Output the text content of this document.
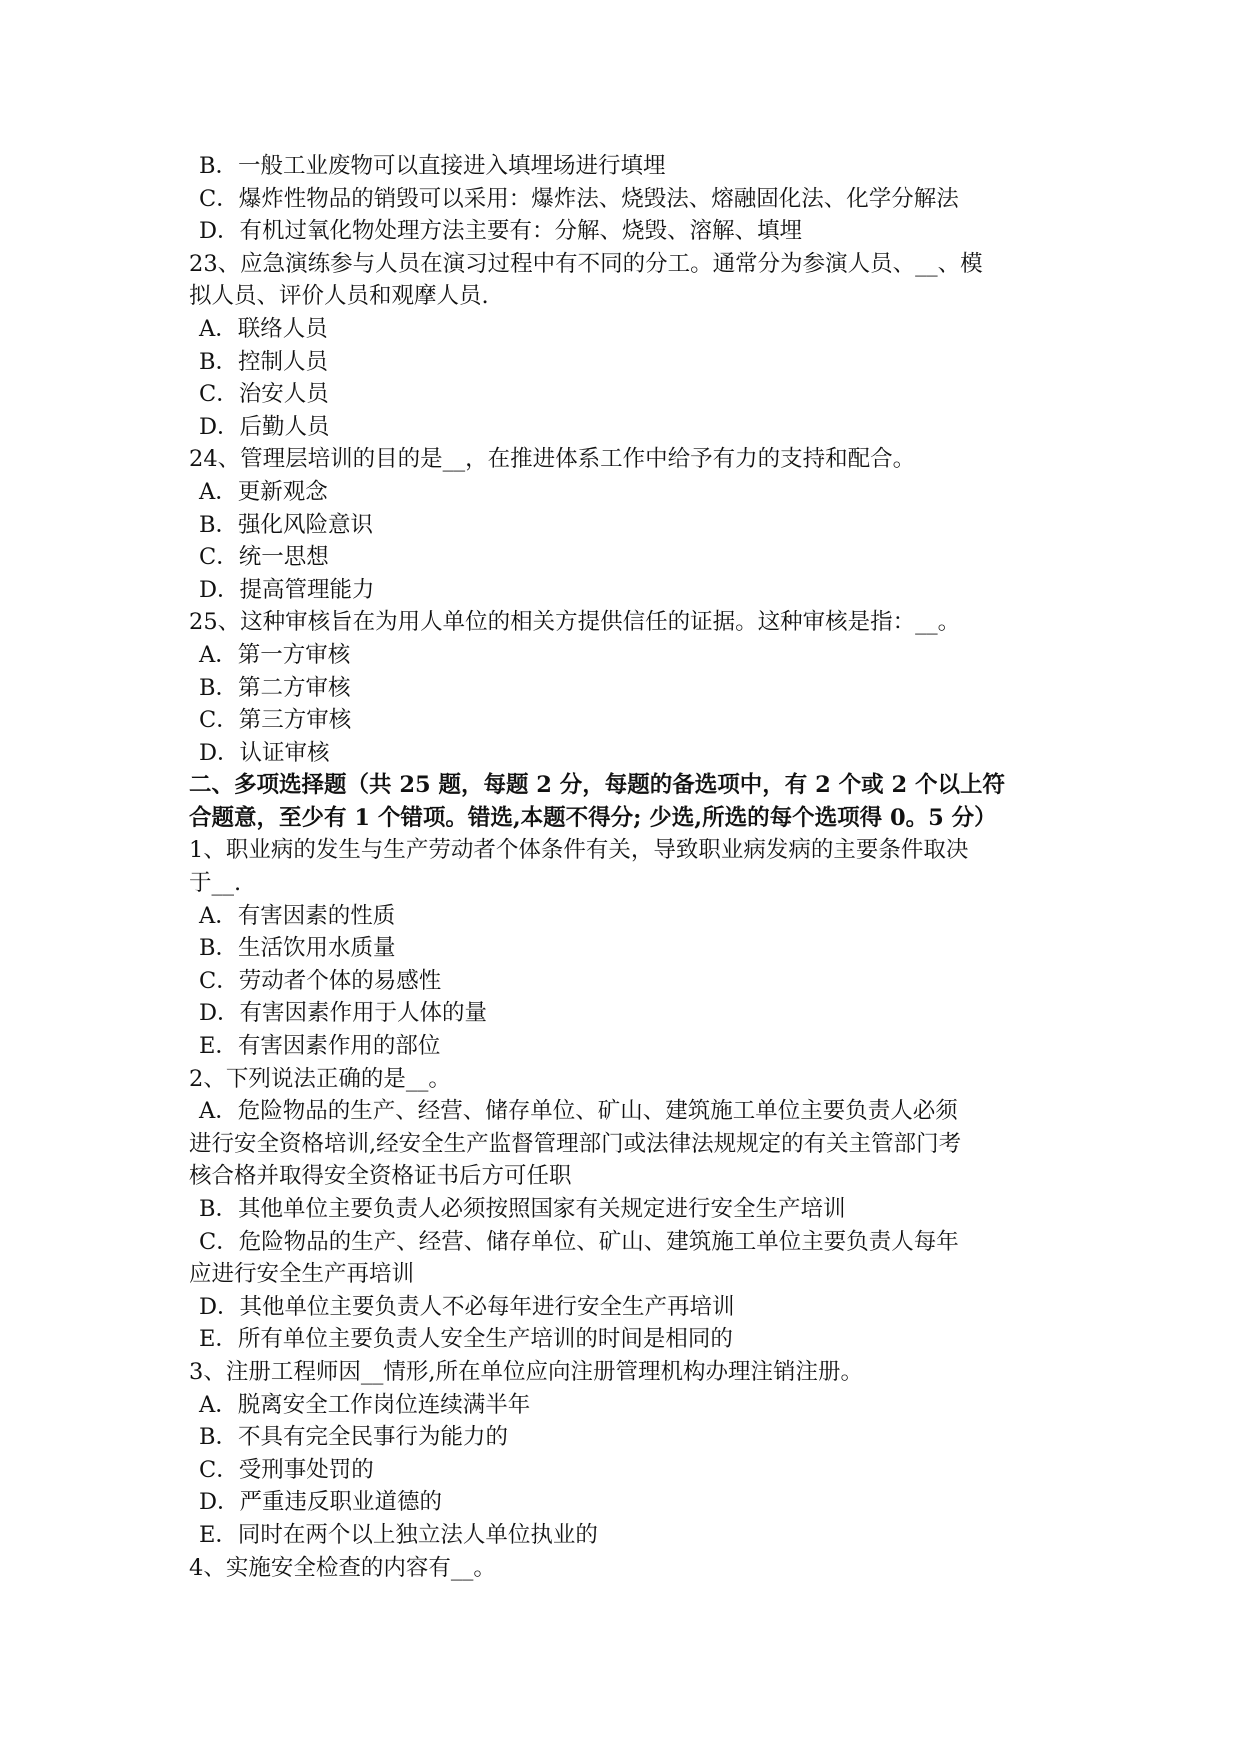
B．一般工业废物可以直接进入填埋场进行填埋
C．爆炸性物品的销毁可以采用：爆炸法、烧毁法、熔融固化法、化学分解法
D．有机过氧化物处理方法主要有：分解、烧毁、溶解、填埋
23、应急演练参与人员在演习过程中有不同的分工。通常分为参演人员、__、模
拟人员、评价人员和观摩人员.
A．联络人员
B．控制人员
C．治安人员
D．后勤人员
24、管理层培训的目的是__，在推进体系工作中给予有力的支持和配合。
A．更新观念
B．强化风险意识
C．统一思想
D．提高管理能力
25、这种审核旨在为用人单位的相关方提供信任的证据。这种审核是指：__。
A．第一方审核
B．第二方审核
C．第三方审核
D．认证审核
二、多项选择题（共 25 题，每题 2 分，每题的备选项中，有 2 个或 2 个以上符
合题意，至少有 1 个错项。错选,本题不得分; 少选,所选的每个选项得 0。5 分）
1、职业病的发生与生产劳动者个体条件有关，导致职业病发病的主要条件取决
于__.
A．有害因素的性质
B．生活饮用水质量
C．劳动者个体的易感性
D．有害因素作用于人体的量
E．有害因素作用的部位
2、下列说法正确的是__。
A．危险物品的生产、经营、储存单位、矿山、建筑施工单位主要负责人必须
进行安全资格培训,经安全生产监督管理部门或法律法规规定的有关主管部门考
核合格并取得安全资格证书后方可任职
B．其他单位主要负责人必须按照国家有关规定进行安全生产培训
C．危险物品的生产、经营、储存单位、矿山、建筑施工单位主要负责人每年
应进行安全生产再培训
D．其他单位主要负责人不必每年进行安全生产再培训
E．所有单位主要负责人安全生产培训的时间是相同的
3、注册工程师因__情形,所在单位应向注册管理机构办理注销注册。
A．脱离安全工作岗位连续满半年
B．不具有完全民事行为能力的
C．受刑事处罚的
D．严重违反职业道德的
E．同时在两个以上独立法人单位执业的
4、实施安全检查的内容有__。
